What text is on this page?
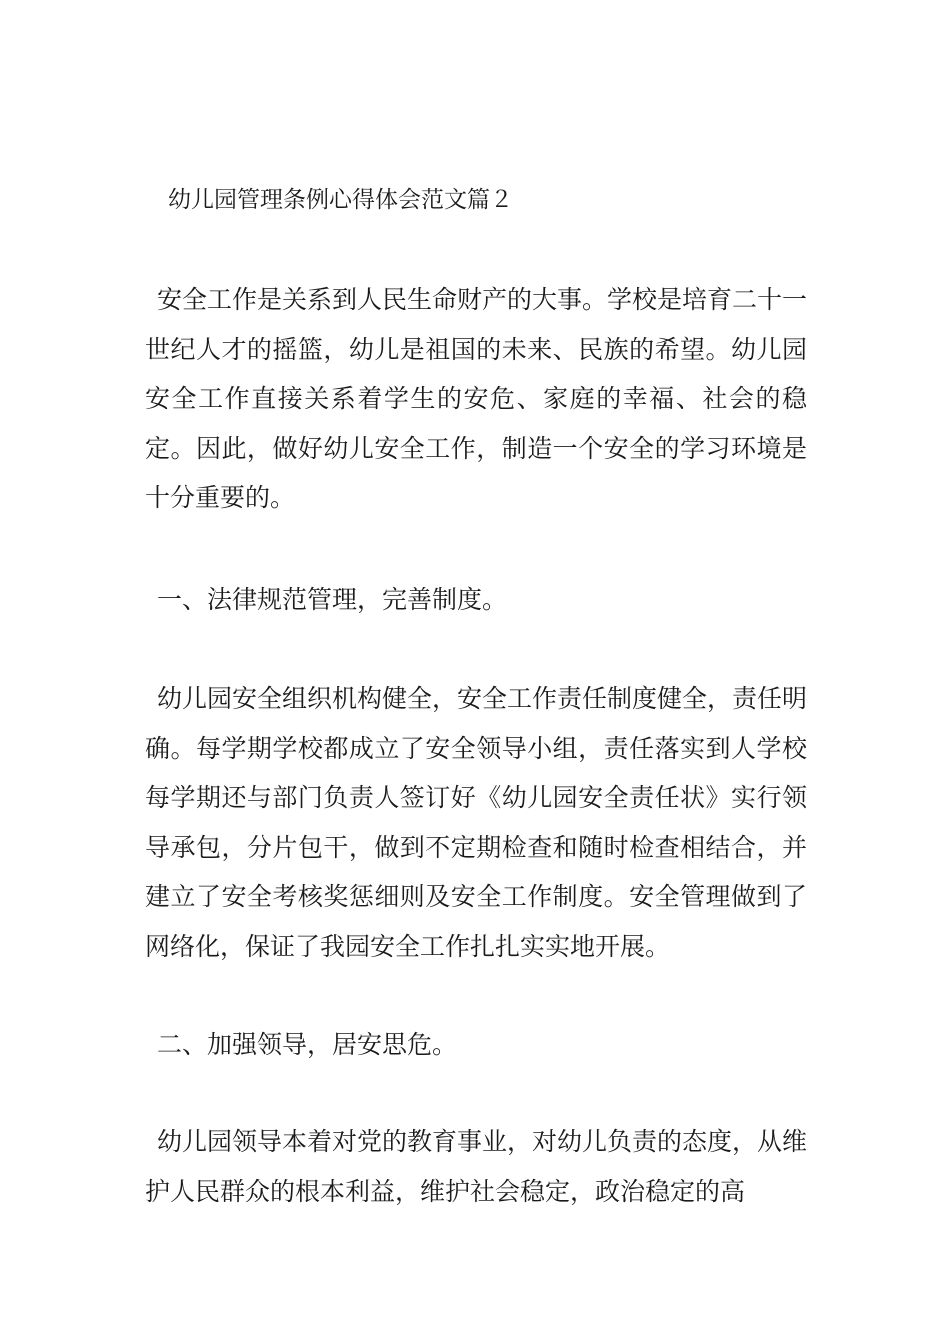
幼儿园管理条例心得体会范文篇２
安全工作是关系到人民生命财产的大事。学校是培育二十一世纪人才的摇篮，幼儿是祖国的未来、民族的希望。幼儿园安全工作直接关系着学生的安危、家庭的幸福、社会的稳定。因此，做好幼儿安全工作，制造一个安全的学习环境是十分重要的。
一、法律规范管理，完善制度。
幼儿园安全组织机构健全，安全工作责任制度健全，责任明确。每学期学校都成立了安全领导小组，责任落实到人学校每学期还与部门负责人签订好《幼儿园安全责任状》实行领导承包，分片包干，做到不定期检查和随时检查相结合，并建立了安全考核奖惩细则及安全工作制度。安全管理做到了网络化，保证了我园安全工作扎扎实实地开展。
二、加强领导，居安思危。
幼儿园领导本着对党的教育事业，对幼儿负责的态度，从维护人民群众的根本利益，维护社会稳定，政治稳定的高
